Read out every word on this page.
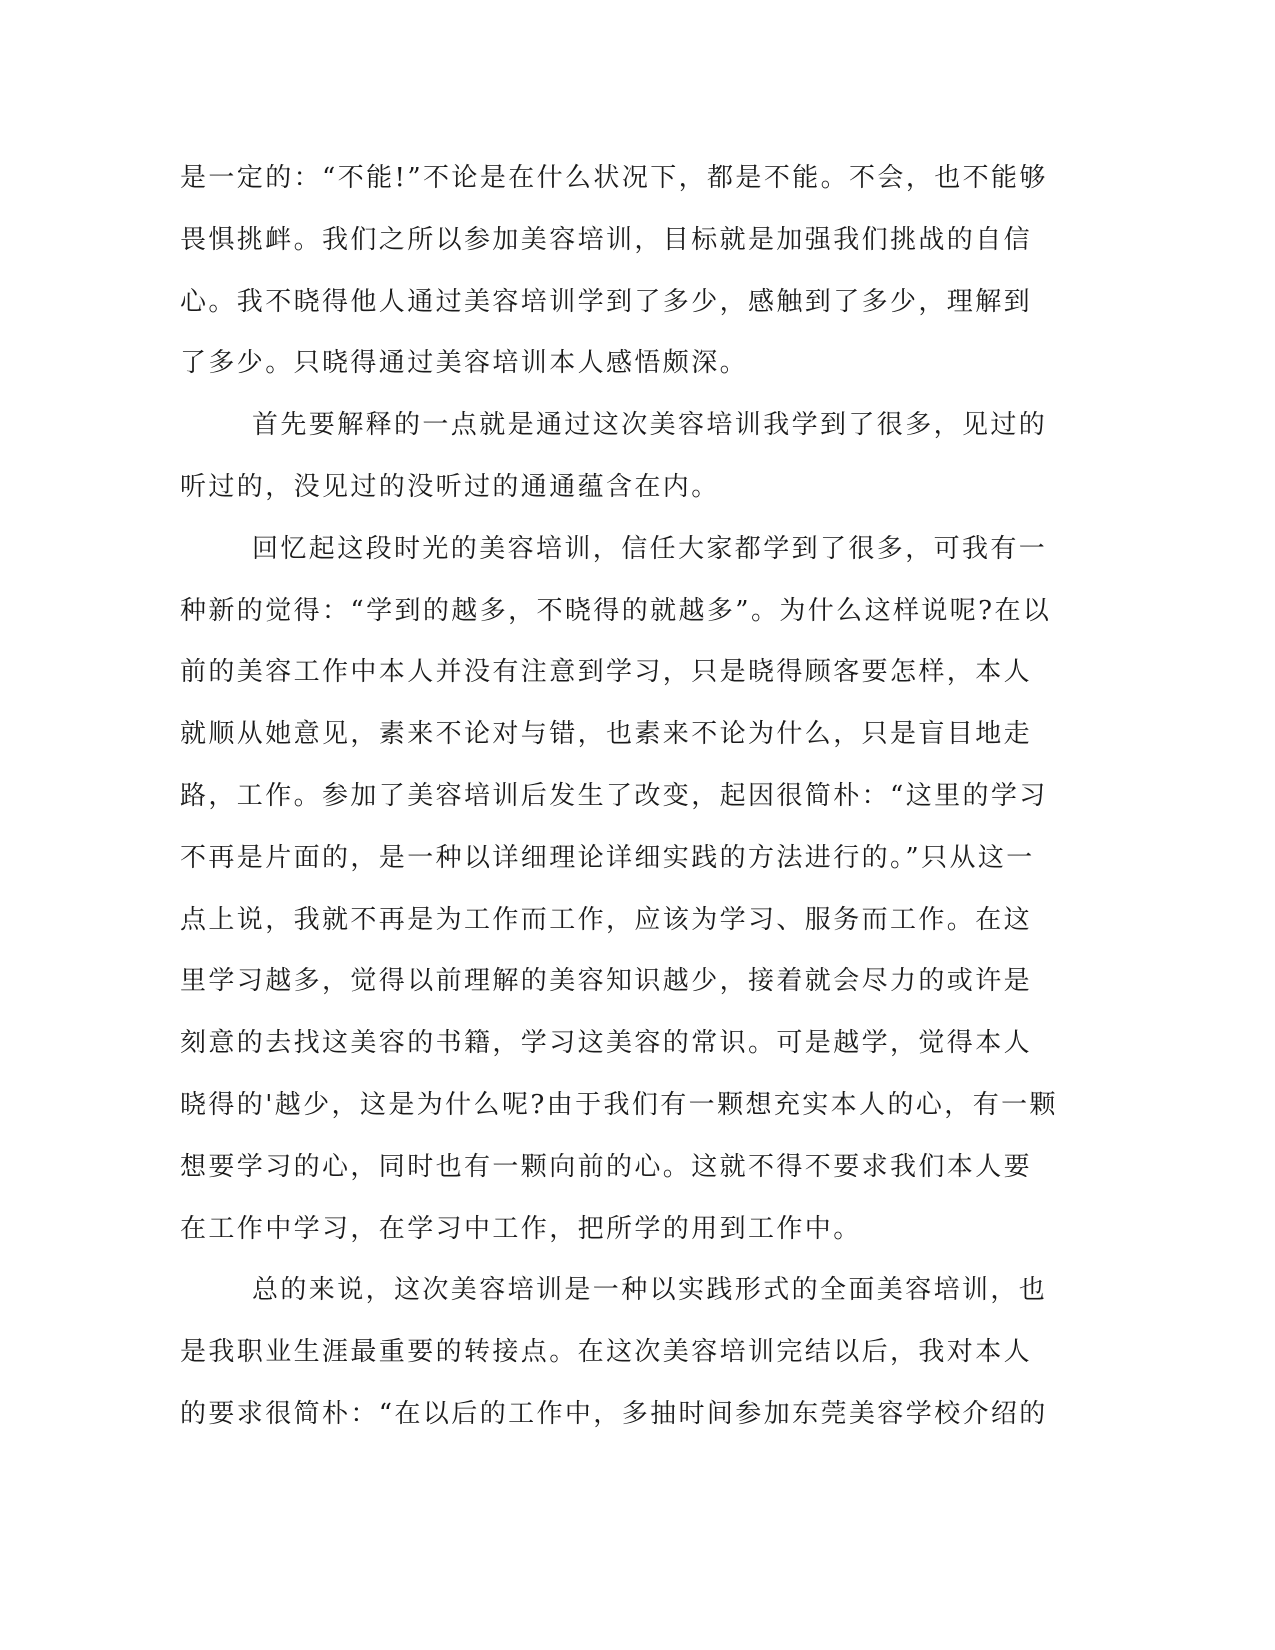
是一定的：“不能!”不论是在什么状况下，都是不能。不会，也不能够
畏惧挑衅。我们之所以参加美容培训，目标就是加强我们挑战的自信
心。我不晓得他人通过美容培训学到了多少，感触到了多少，理解到
了多少。只晓得通过美容培训本人感悟颇深。
首先要解释的一点就是通过这次美容培训我学到了很多，见过的
听过的，没见过的没听过的通通蕴含在内。
回忆起这段时光的美容培训，信任大家都学到了很多，可我有一
种新的觉得：“学到的越多，不晓得的就越多”。为什么这样说呢?在以
前的美容工作中本人并没有注意到学习，只是晓得顾客要怎样，本人
就顺从她意见，素来不论对与错，也素来不论为什么，只是盲目地走
路，工作。参加了美容培训后发生了改变，起因很简朴：“这里的学习
不再是片面的，是一种以详细理论详细实践的方法进行的。”只从这一
点上说，我就不再是为工作而工作，应该为学习、服务而工作。在这
里学习越多，觉得以前理解的美容知识越少，接着就会尽力的或许是
刻意的去找这美容的书籍，学习这美容的常识。可是越学，觉得本人
晓得的'越少，这是为什么呢?由于我们有一颗想充实本人的心，有一颗
想要学习的心，同时也有一颗向前的心。这就不得不要求我们本人要
在工作中学习，在学习中工作，把所学的用到工作中。
总的来说，这次美容培训是一种以实践形式的全面美容培训，也
是我职业生涯最重要的转接点。在这次美容培训完结以后，我对本人
的要求很简朴：“在以后的工作中，多抽时间参加东莞美容学校介绍的
